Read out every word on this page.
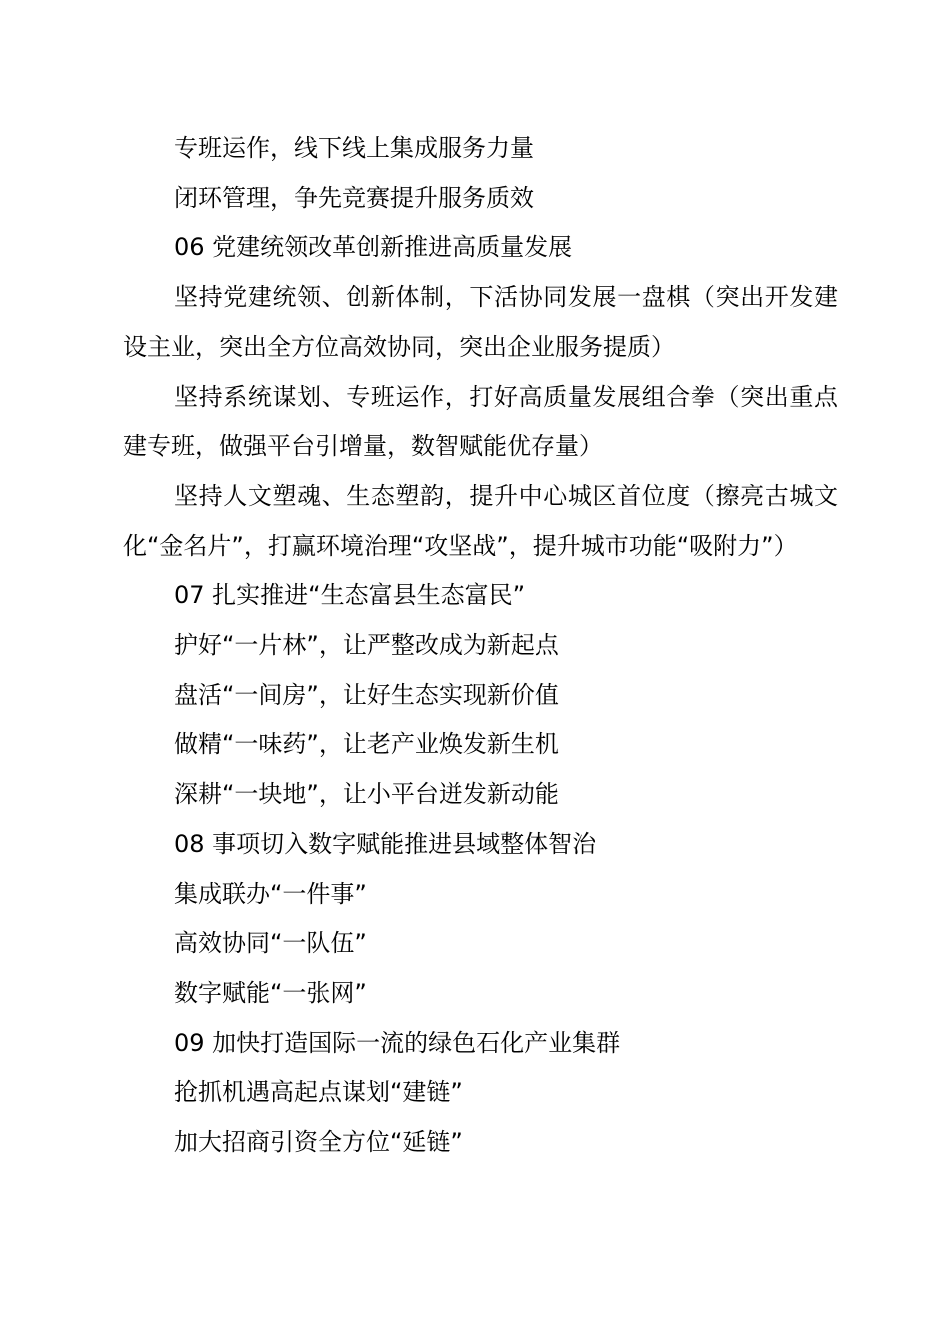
专班运作，线下线上集成服务力量

闭环管理，争先竞赛提升服务质效

06 党建统领改革创新推进高质量发展

坚持党建统领、创新体制，下活协同发展一盘棋（突出开发建设主业，突出全方位高效协同，突出企业服务提质）

坚持系统谋划、专班运作，打好高质量发展组合拳（突出重点建专班，做强平台引增量，数智赋能优存量）

坚持人文塑魂、生态塑韵，提升中心城区首位度（擦亮古城文化“金名片”，打赢环境治理“攻坚战”，提升城市功能“吸附力”）

07 扎实推进“生态富县生态富民”

护好“一片林”，让严整改成为新起点

盘活“一间房”，让好生态实现新价值

做精“一味药”，让老产业焕发新生机

深耕“一块地”，让小平台迸发新动能

08 事项切入数字赋能推进县域整体智治

集成联办“一件事”

高效协同“一队伍”

数字赋能“一张网”

09 加快打造国际一流的绿色石化产业集群

抢抓机遇高起点谋划“建链”

加大招商引资全方位“延链”
